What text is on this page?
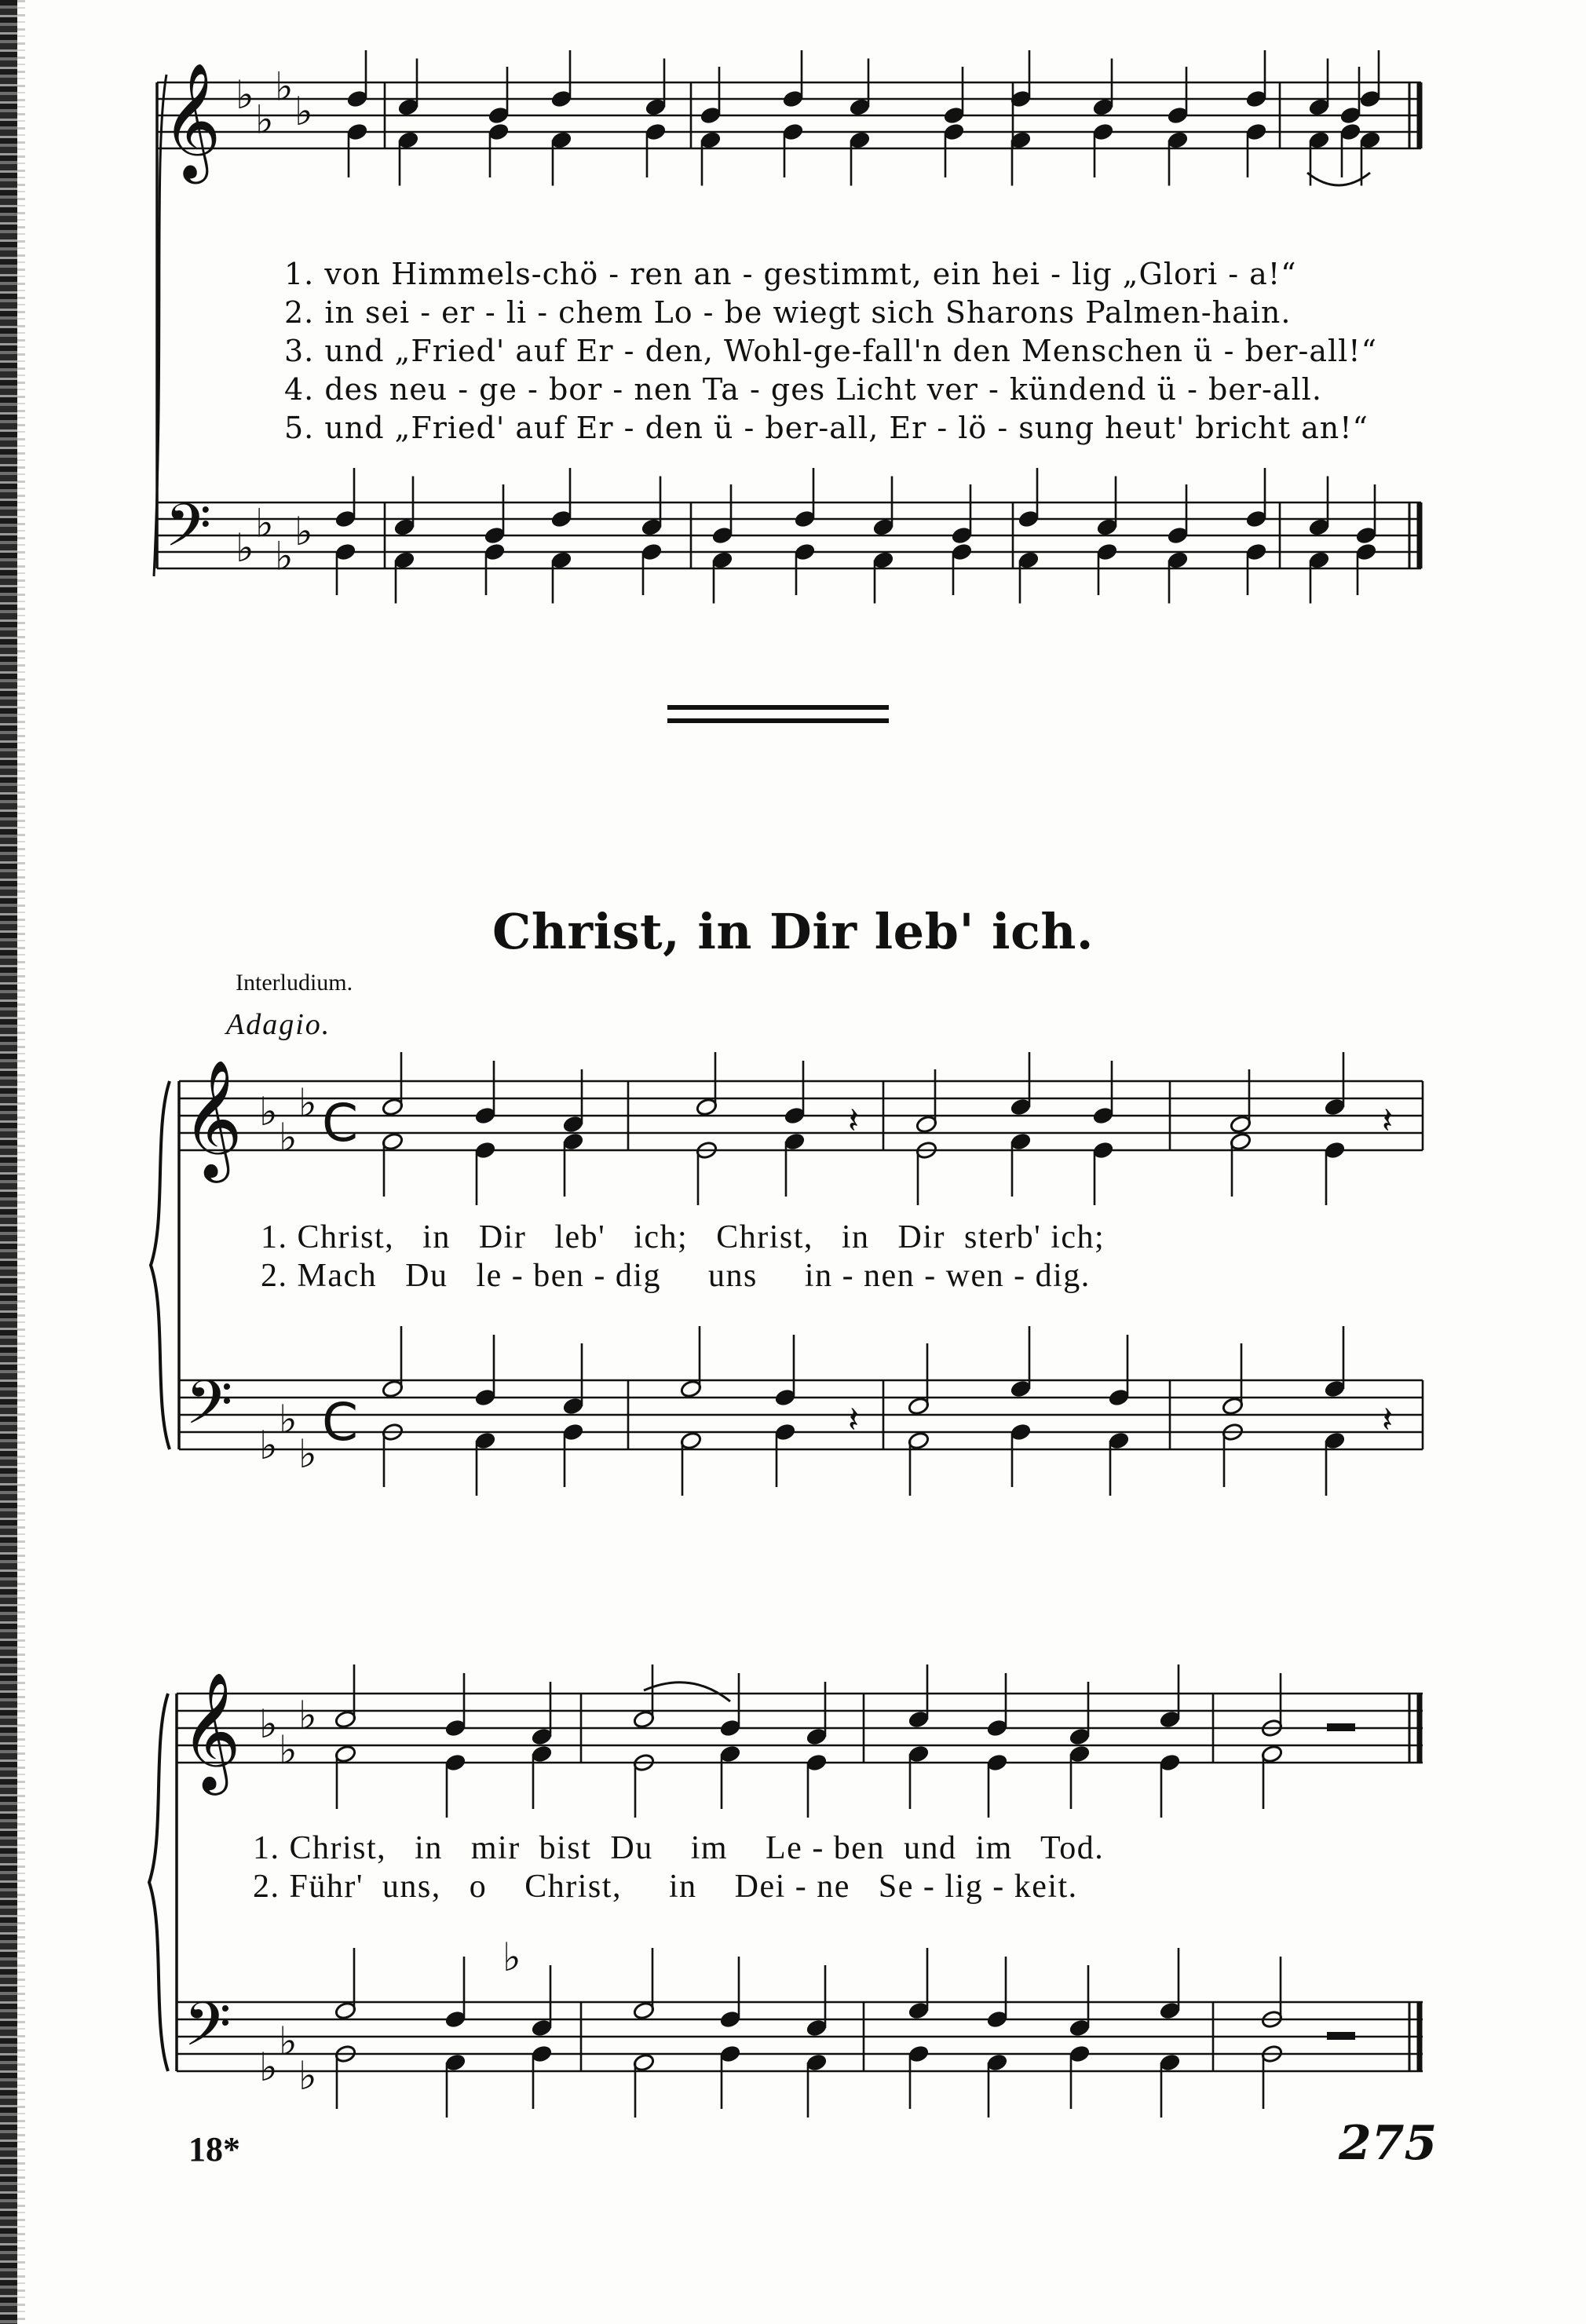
𝄞
𝄢
♭
♭
♭
♭
♭
♭
♭
♭
1. von Himmels-chö - ren an - gestimmt, ein hei - lig „Glori - a!“
2. in sei - er - li - chem Lo - be wiegt sich Sharons Palmen-hain.
3. und „Fried' auf Er - den, Wohl-ge-fall'n den Menschen ü - ber-all!“
4. des neu - ge - bor - nen Ta - ges Licht ver - kündend ü - ber-all.
5. und „Fried' auf Er - den ü - ber-all, Er - lö - sung heut' bricht an!“
Christ, in Dir leb' ich.
Interludium.
Adagio.
𝄞
𝄢
♭
♭
♭
♭
♭
♭
C
C
𝄽	𝄽
𝄽	𝄽
1. Christ,   in   Dir   leb'   ich;   Christ,   in   Dir  sterb' ich;
2. Mach   Du   le - ben - dig     uns     in - nen - wen - dig.
𝄞
𝄢
♭
♭
♭
♭
♭
♭
♭
1. Christ,   in   mir  bist  Du    im    Le - ben  und  im   Tod.
2. Führ'  uns,   o    Christ,     in    Dei - ne   Se - lig - keit.
18*	275
